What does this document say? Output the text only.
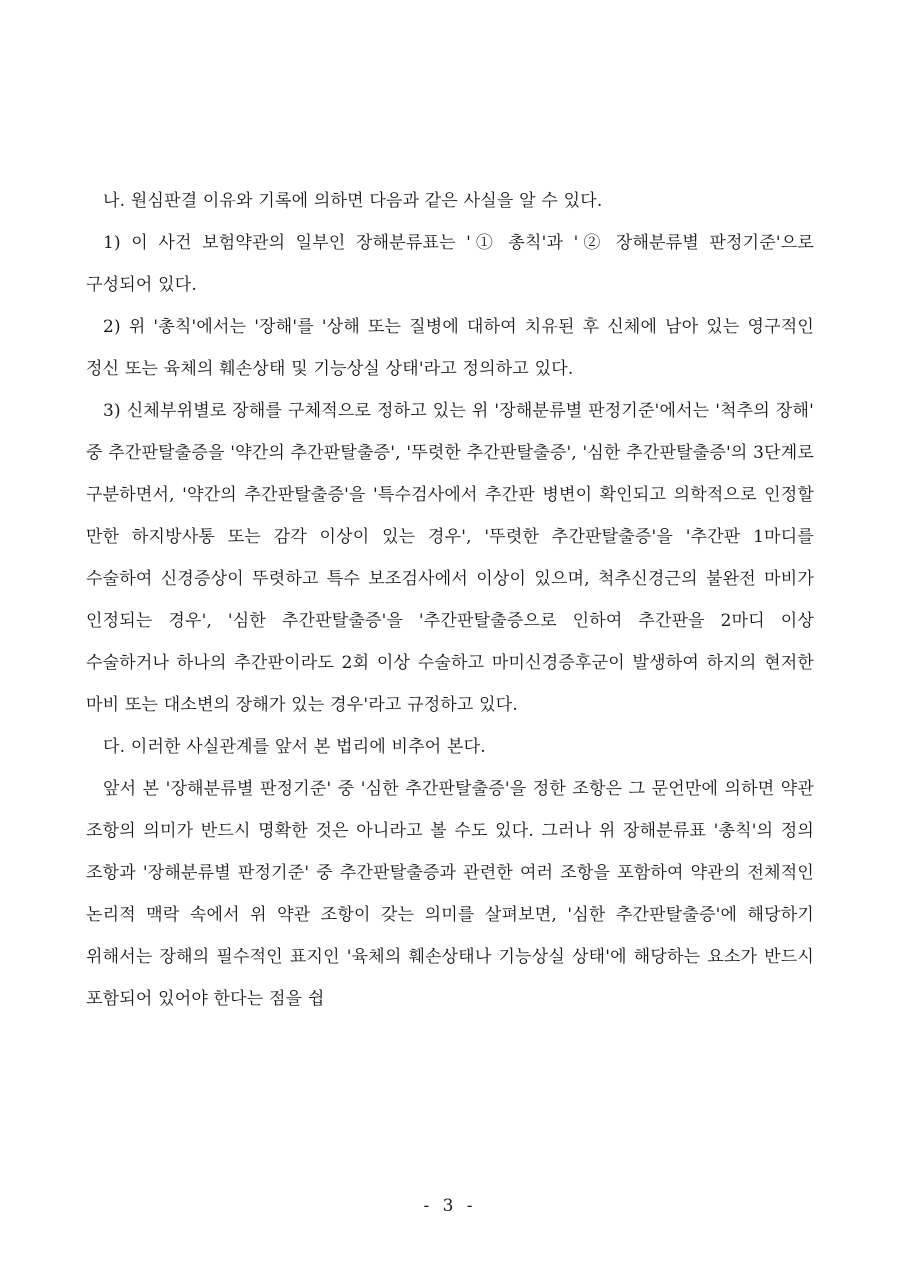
나. 원심판결 이유와 기록에 의하면 다음과 같은 사실을 알 수 있다.

1) 이 사건 보험약관의 일부인 장해분류표는 '① 총칙'과 '② 장해분류별 판정기준'으로 구성되어 있다.

2) 위 '총칙'에서는 '장해'를 '상해 또는 질병에 대하여 치유된 후 신체에 남아 있는 영구적인 정신 또는 육체의 훼손상태 및 기능상실 상태'라고 정의하고 있다.

3) 신체부위별로 장해를 구체적으로 정하고 있는 위 '장해분류별 판정기준'에서는 '척추의 장해' 중 추간판탈출증을 '약간의 추간판탈출증', '뚜렷한 추간판탈출증', '심한 추간판탈출증'의 3단계로 구분하면서, '약간의 추간판탈출증'을 '특수검사에서 추간판 병변이 확인되고 의학적으로 인정할 만한 하지방사통 또는 감각 이상이 있는 경우', '뚜렷한 추간판탈출증'을 '추간판 1마디를 수술하여 신경증상이 뚜렷하고 특수 보조검사에서 이상이 있으며, 척추신경근의 불완전 마비가 인정되는 경우', '심한 추간판탈출증'을 '추간판탈출증으로 인하여 추간판을 2마디 이상 수술하거나 하나의 추간판이라도 2회 이상 수술하고 마미신경증후군이 발생하여 하지의 현저한 마비 또는 대소변의 장해가 있는 경우'라고 규정하고 있다.

다. 이러한 사실관계를 앞서 본 법리에 비추어 본다.

앞서 본 '장해분류별 판정기준' 중 '심한 추간판탈출증'을 정한 조항은 그 문언만에 의하면 약관 조항의 의미가 반드시 명확한 것은 아니라고 볼 수도 있다. 그러나 위 장해분류표 '총칙'의 정의 조항과 '장해분류별 판정기준' 중 추간판탈출증과 관련한 여러 조항을 포함하여 약관의 전체적인 논리적 맥락 속에서 위 약관 조항이 갖는 의미를 살펴보면, '심한 추간판탈출증'에 해당하기 위해서는 장해의 필수적인 표지인 '육체의 훼손상태나 기능상실 상태'에 해당하는 요소가 반드시 포함되어 있어야 한다는 점을 쉽

- 3 -
